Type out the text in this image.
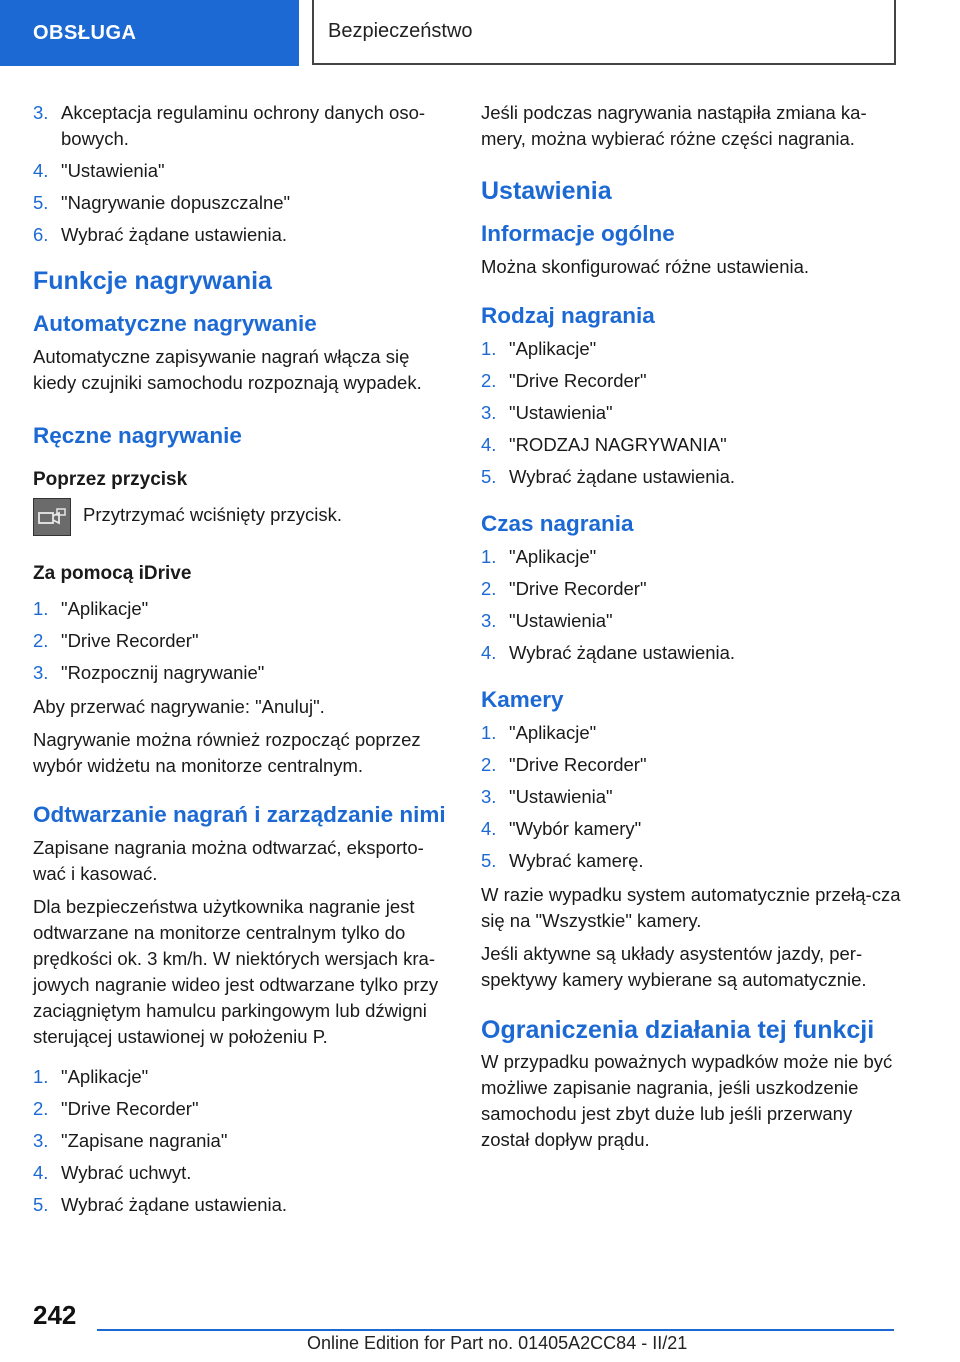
OBSŁUGA	Bezpieczeństwo
3. Akceptacja regulaminu ochrony danych oso-bowych.
4. "Ustawienia"
5. "Nagrywanie dopuszczalne"
6. Wybrać żądane ustawienia.
Funkcje nagrywania
Automatyczne nagrywanie

Automatyczne zapisywanie nagrań włącza się kiedy czujniki samochodu rozpoznają wypadek.

Ręczne nagrywanie
Poprzez przycisk

Przytrzymać wciśnięty przycisk.

Za pomocą iDrive
1. "Aplikacje"
2. "Drive Recorder"
3. "Rozpocznij nagrywanie"

Aby przerwać nagrywanie: "Anuluj".

Nagrywanie można również rozpocząć poprzez wybór widżetu na monitorze centralnym.

Odtwarzanie nagrań i zarządzanie nimi

Zapisane nagrania można odtwarzać, eksporto-wać i kasować.

Dla bezpieczeństwa użytkownika nagranie jest odtwarzane na monitorze centralnym tylko do prędkości ok. 3 km/h. W niektórych wersjach kra-jowych nagranie wideo jest odtwarzane tylko przy zaciągniętym hamulcu parkingowym lub dźwigni sterującej ustawionej w położeniu P.

1. "Aplikacje"
2. "Drive Recorder"
3. "Zapisane nagrania"
4. Wybrać uchwyt.
5. Wybrać żądane ustawienia.

Jeśli podczas nagrywania nastąpiła zmiana ka-mery, można wybierać różne części nagrania.

Ustawienia
Informacje ogólne

Można skonfigurować różne ustawienia.

Rodzaj nagrania
1. "Aplikacje"
2. "Drive Recorder"
3. "Ustawienia"
4. "RODZAJ NAGRYWANIA"
5. Wybrać żądane ustawienia.
Czas nagrania
1. "Aplikacje"
2. "Drive Recorder"
3. "Ustawienia"
4. Wybrać żądane ustawienia.
Kamery
1. "Aplikacje"
2. "Drive Recorder"
3. "Ustawienia"
4. "Wybór kamery"
5. Wybrać kamerę.

W razie wypadku system automatycznie przełą-cza się na "Wszystkie" kamery.

Jeśli aktywne są układy asystentów jazdy, per-spektywy kamery wybierane są automatycznie.

Ograniczenia działania tej funkcji

W przypadku poważnych wypadków może nie być możliwe zapisanie nagrania, jeśli uszkodzenie samochodu jest zbyt duże lub jeśli przerwany został dopływ prądu.

242
Online Edition for Part no. 01405A2CC84 - II/21
